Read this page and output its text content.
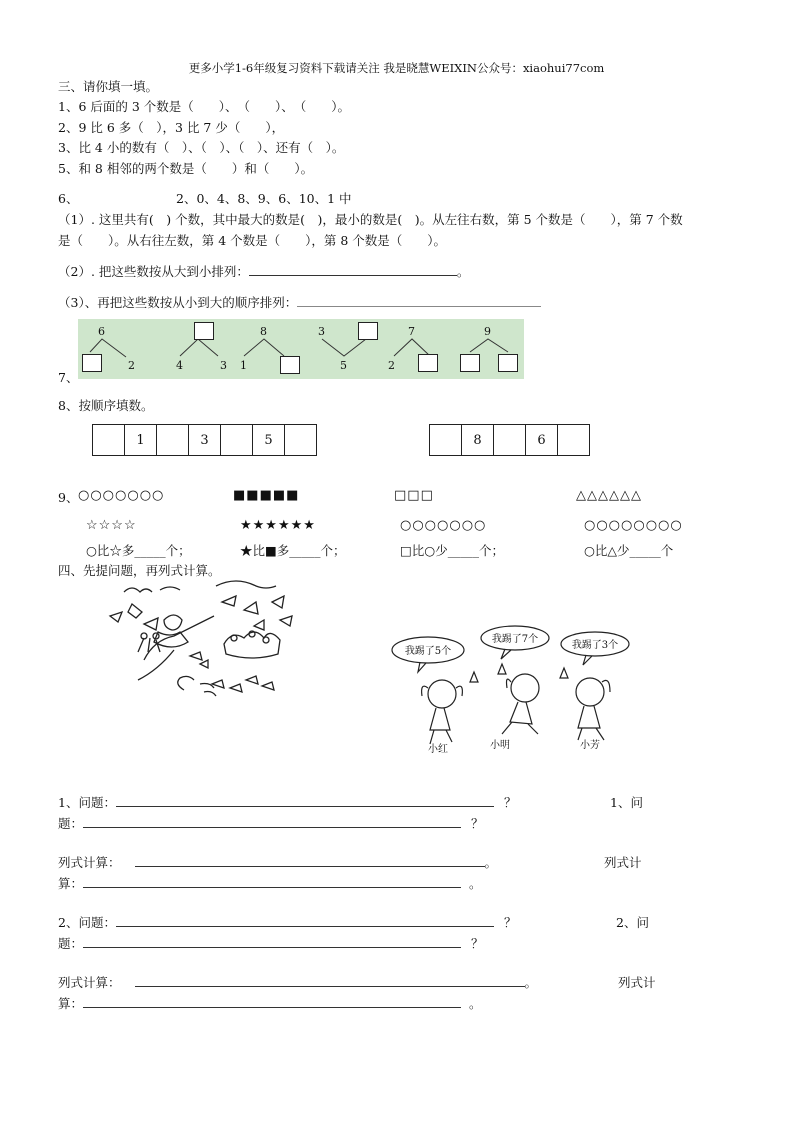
更多小学1-6年级复习资料下载请关注 我是晓慧WEIXIN公众号：xiaohui77com
三、请你填一填。
1、6 后面的 3 个数是（　　）、　（　　）、　（　　）。
2、9 比 6 多（　），3 比 7 少（　　），
3、比 4 小的数有（　）、（　）、（　）、还有（　）。
5、和 8 相邻的两个数是（　　）和（　　）。
6、	2、0、4、8、9、6、10、1 中
（1）. 这里共有(　) 个数，其中最大的数是(　)，最小的数是(　)。从左往右数，第 5 个数是（　　），第 7 个数
是（　　）。从右往左数，第 4 个数是（　　），第 8 个数是（　　）。
（2）. 把这些数按从大到小排列：	。
（3）、再把这些数按从小到大的顺序排列：
7、
6
2	4	3
8
1
3
5
7
2
9
8、按顺序填数。
	1		3		5	
		8		6	
9、 ○○○○○○○	■■■■■	□□□	△△△△△△
☆☆☆☆	★★★★★★	○○○○○○○	○○○○○○○○
○比☆多_____个；	★比■多_____个；	□比○少_____个；	○比△少_____个
四、先提问题，再列式计算。
我踢了5个
我踢了7个
我踢了3个
小红	小明	小芳
1、问题：	？	1、问
题：	？
列式计算：	。	列式计
算：	。
2、问题：	？	2、问
题：	？
列式计算：	。	列式计
算：	。
